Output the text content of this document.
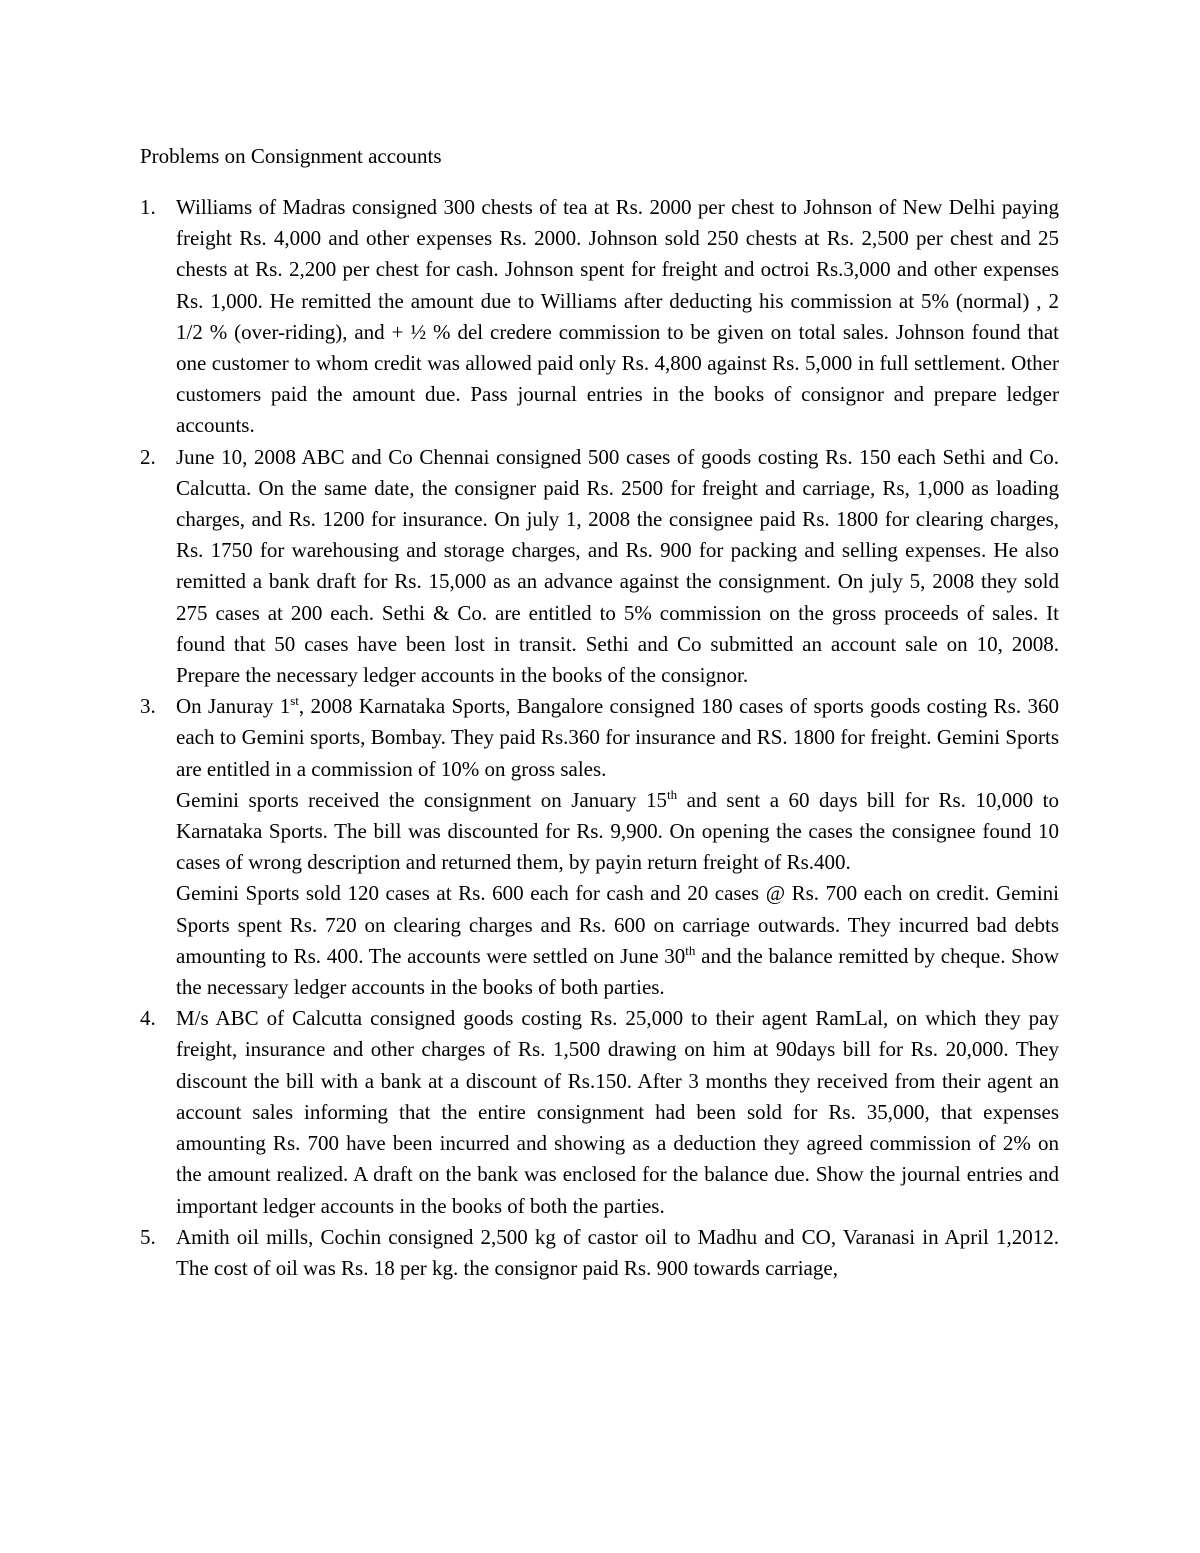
Problems on Consignment accounts
1. Williams of Madras consigned 300 chests of tea at Rs. 2000 per chest to Johnson of New Delhi paying freight Rs. 4,000 and other expenses Rs. 2000. Johnson sold 250 chests at Rs. 2,500 per chest and 25 chests at Rs. 2,200 per chest for cash. Johnson spent for freight and octroi Rs.3,000 and other expenses Rs. 1,000. He remitted the amount due to Williams after deducting his commission at 5% (normal) , 2 1/2 % (over-riding), and + ½ % del credere commission to be given on total sales. Johnson found that one customer to whom credit was allowed paid only Rs. 4,800 against Rs. 5,000 in full settlement. Other customers paid the amount due. Pass journal entries in the books of consignor and prepare ledger accounts.

2. June 10, 2008 ABC and Co Chennai consigned 500 cases of goods costing Rs. 150 each Sethi and Co. Calcutta. On the same date, the consigner paid Rs. 2500 for freight and carriage, Rs, 1,000 as loading charges, and Rs. 1200 for insurance. On july 1, 2008 the consignee paid Rs. 1800 for clearing charges, Rs. 1750 for warehousing and storage charges, and Rs. 900 for packing and selling expenses. He also remitted a bank draft for Rs. 15,000 as an advance against the consignment. On july 5, 2008 they sold 275 cases at 200 each. Sethi & Co. are entitled to 5% commission on the gross proceeds of sales. It found that 50 cases have been lost in transit. Sethi and Co submitted an account sale on 10, 2008. Prepare the necessary ledger accounts in the books of the consignor.

3. On Januray 1st, 2008 Karnataka Sports, Bangalore consigned 180 cases of sports goods costing Rs. 360 each to Gemini sports, Bombay. They paid Rs.360 for insurance and RS. 1800 for freight. Gemini Sports are entitled in a commission of 10% on gross sales.

Gemini sports received the consignment on January 15th and sent a 60 days bill for Rs. 10,000 to Karnataka Sports. The bill was discounted for Rs. 9,900. On opening the cases the consignee found 10 cases of wrong description and returned them, by payin return freight of Rs.400.

Gemini Sports sold 120 cases at Rs. 600 each for cash and 20 cases @ Rs. 700 each on credit. Gemini Sports spent Rs. 720 on clearing charges and Rs. 600 on carriage outwards. They incurred bad debts amounting to Rs. 400. The accounts were settled on June 30th and the balance remitted by cheque. Show the necessary ledger accounts in the books of both parties.

4. M/s ABC of Calcutta consigned goods costing Rs. 25,000 to their agent RamLal, on which they pay freight, insurance and other charges of Rs. 1,500 drawing on him at 90days bill for Rs. 20,000. They discount the bill with a bank at a discount of Rs.150. After 3 months they received from their agent an account sales informing that the entire consignment had been sold for Rs. 35,000, that expenses amounting Rs. 700 have been incurred and showing as a deduction they agreed commission of 2% on the amount realized. A draft on the bank was enclosed for the balance due. Show the journal entries and important ledger accounts in the books of both the parties.

5. Amith oil mills, Cochin consigned 2,500 kg of castor oil to Madhu and CO, Varanasi in April 1,2012. The cost of oil was Rs. 18 per kg. the consignor paid Rs. 900 towards carriage,
